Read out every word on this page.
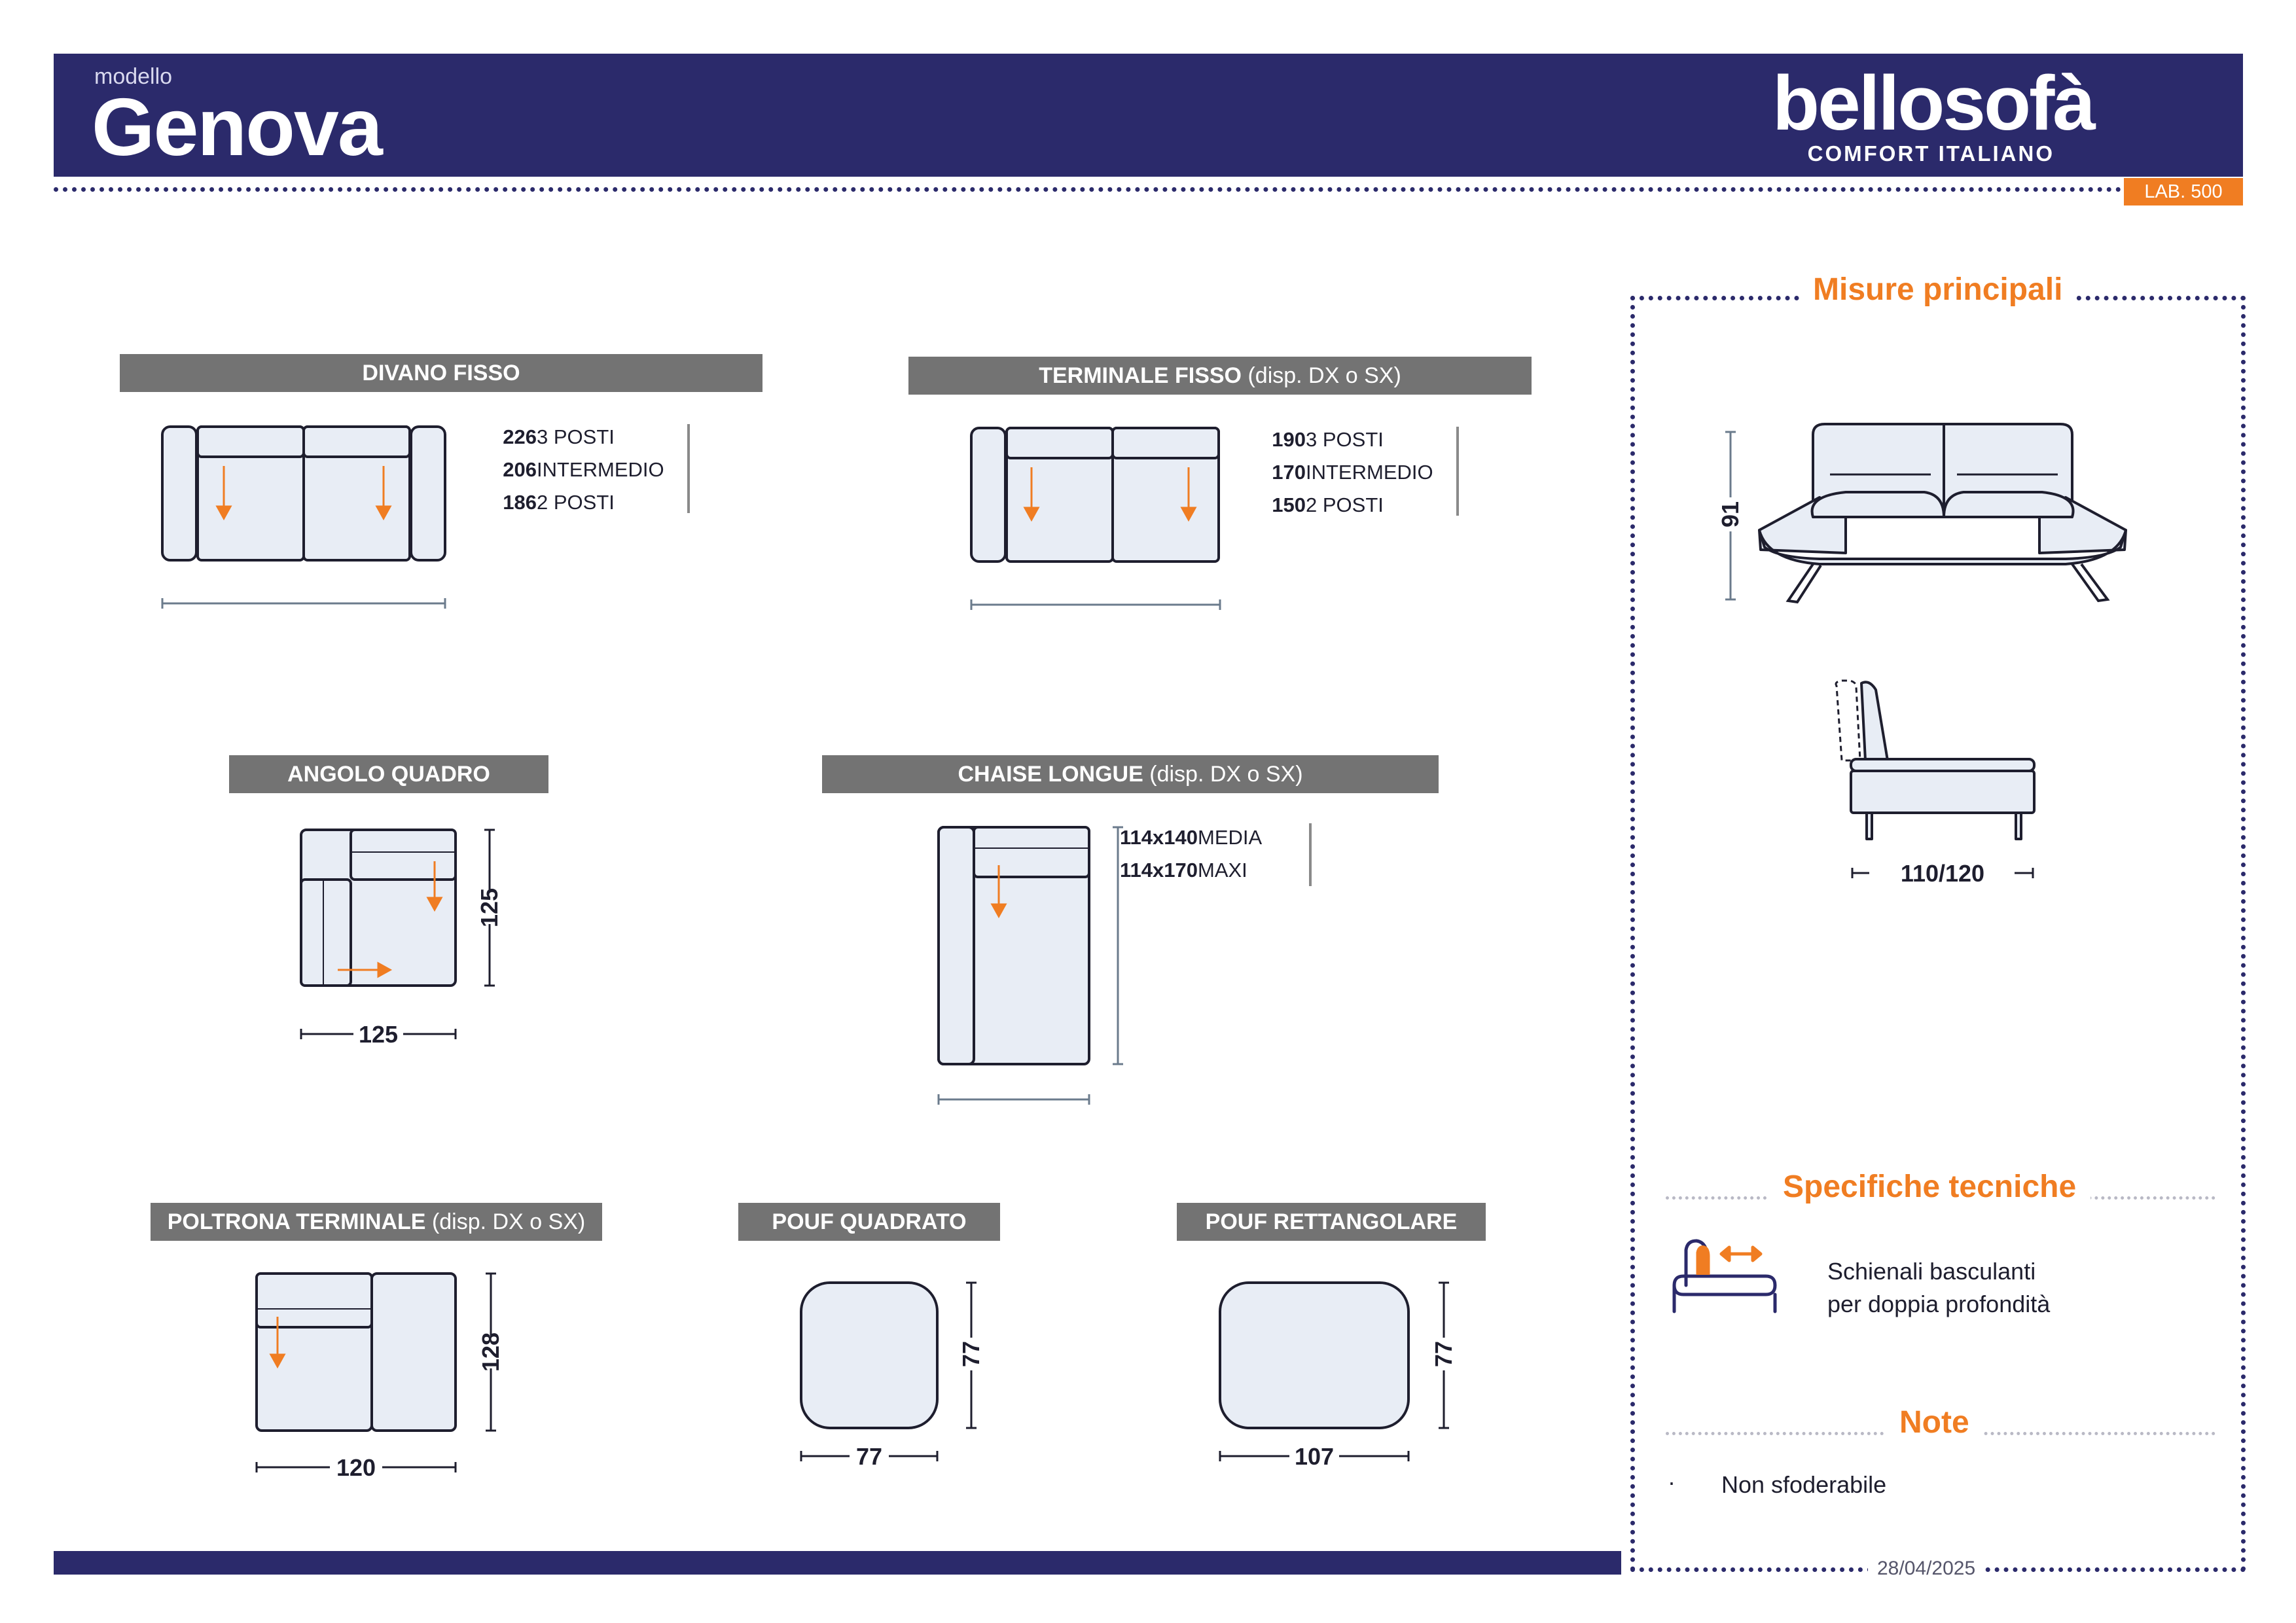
modello
Genova	bellosofà
COMFORT ITALIANO
LAB. 500
DIVANO FISSO
3 POSTI
226
INTERMEDIO
206
2 POSTI
186
TERMINALE FISSO (disp. DX o SX)
3 POSTI
190
INTERMEDIO
170
2 POSTI
150
ANGOLO QUADRO
125
125
CHAISE LONGUE (disp. DX o SX)
MEDIA
114x140
MAXI
114x170
POLTRONA TERMINALE (disp. DX o SX)
128
120
POUF QUADRATO
77
77
POUF RETTANGOLARE
77
107
Misure principali
91
110/120
Specifiche tecniche
Schienali basculanti
per doppia profondità
Note
· Non sfoderabile
28/04/2025
